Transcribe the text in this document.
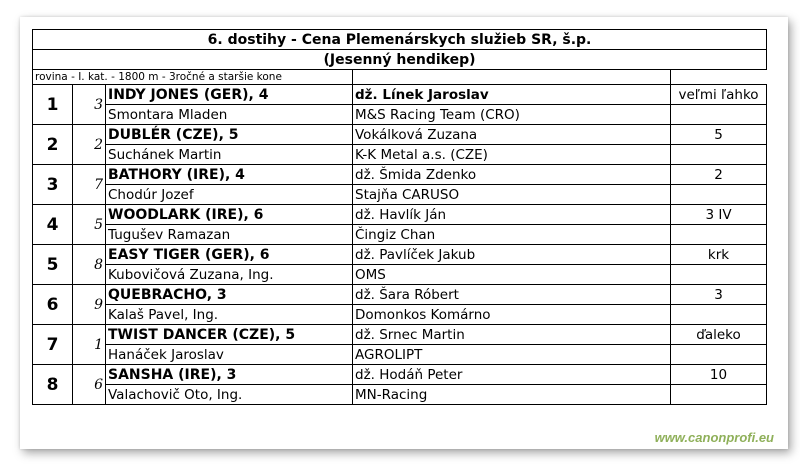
6. dostihy - Cena Plemenárskych služieb SR, š.p.				
(Jesenný hendikep)				
rovina - I. kat. - 1800 m - 3ročné a staršie kone				
1	3	INDY JONES (GER), 4	dž. Línek Jaroslav	veľmi ľahko
		Smontara Mladen	M&S Racing Team (CRO)	
2	2	DUBLÉR (CZE), 5	Vokálková Zuzana	5
		Suchánek Martin	K-K Metal a.s. (CZE)	
3	7	BATHORY (IRE), 4	dž. Šmida Zdenko	2
		Chodúr Jozef	Stajňa CARUSO	
4	5	WOODLARK (IRE), 6	dž. Havlík Ján	3 IV
		Tugušev Ramazan	Čingiz Chan	
5	8	EASY TIGER (GER), 6	dž. Pavlíček Jakub	krk
		Kubovičová Zuzana, Ing.	OMS	
6	9	QUEBRACHO, 3	dž. Šara Róbert	3
		Kalaš Pavel, Ing.	Domonkos Komárno	
7	1	TWIST DANCER (CZE), 5	dž. Srnec Martin	ďaleko
		Hanáček Jaroslav	AGROLIPT	
8	6	SANSHA (IRE), 3	dž. Hodáň Peter	10
		Valachovič Oto, Ing.	MN-Racing	
www.canonprofi.eu
